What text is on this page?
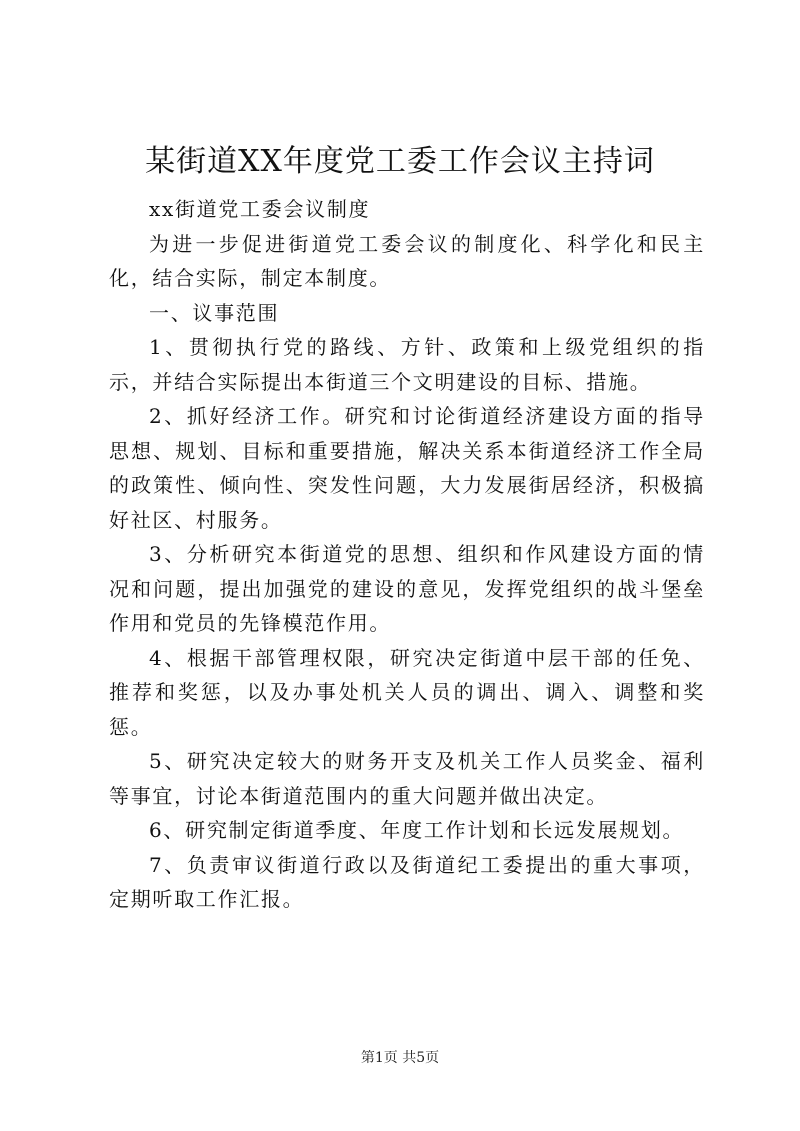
某街道XX年度党工委工作会议主持词

xx街道党工委会议制度

为进一步促进街道党工委会议的制度化、科学化和民主化，结合实际，制定本制度。

一、议事范围

1、贯彻执行党的路线、方针、政策和上级党组织的指示，并结合实际提出本街道三个文明建设的目标、措施。

2、抓好经济工作。研究和讨论街道经济建设方面的指导思想、规划、目标和重要措施，解决关系本街道经济工作全局的政策性、倾向性、突发性问题，大力发展街居经济，积极搞好社区、村服务。

3、分析研究本街道党的思想、组织和作风建设方面的情况和问题，提出加强党的建设的意见，发挥党组织的战斗堡垒作用和党员的先锋模范作用。

4、根据干部管理权限，研究决定街道中层干部的任免、推荐和奖惩，以及办事处机关人员的调出、调入、调整和奖惩。

5、研究决定较大的财务开支及机关工作人员奖金、福利等事宜，讨论本街道范围内的重大问题并做出决定。

6、研究制定街道季度、年度工作计划和长远发展规划。

7、负责审议街道行政以及街道纪工委提出的重大事项，定期听取工作汇报。

第1页 共5页
